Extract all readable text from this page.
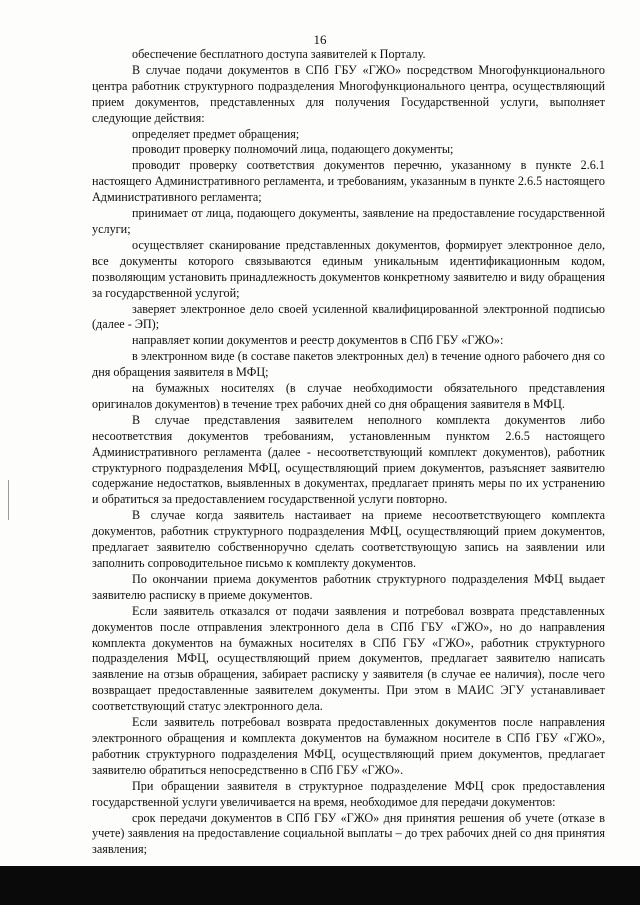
16

обеспечение бесплатного доступа заявителей к Порталу.

В случае подачи документов в СПб ГБУ «ГЖО» посредством Многофункционального центра работник структурного подразделения Многофункционального центра, осуществляющий прием документов, представленных для получения Государственной услуги, выполняет следующие действия:

определяет предмет обращения;

проводит проверку полномочий лица, подающего документы;

проводит проверку соответствия документов перечню, указанному в пункте 2.6.1 настоящего Административного регламента, и требованиям, указанным в пункте 2.6.5 настоящего Административного регламента;

принимает от лица, подающего документы, заявление на предоставление государственной услуги;

осуществляет сканирование представленных документов, формирует электронное дело, все документы которого связываются единым уникальным идентификационным кодом, позволяющим установить принадлежность документов конкретному заявителю и виду обращения за государственной услугой;

заверяет электронное дело своей усиленной квалифицированной электронной подписью (далее - ЭП);

направляет копии документов и реестр документов в СПб ГБУ «ГЖО»:

в электронном виде (в составе пакетов электронных дел) в течение одного рабочего дня со дня обращения заявителя в МФЦ;

на бумажных носителях (в случае необходимости обязательного представления оригиналов документов) в течение трех рабочих дней со дня обращения заявителя в МФЦ.

В случае представления заявителем неполного комплекта документов либо несоответствия документов требованиям, установленным пунктом 2.6.5 настоящего Административного регламента (далее - несоответствующий комплект документов), работник структурного подразделения МФЦ, осуществляющий прием документов, разъясняет заявителю содержание недостатков, выявленных в документах, предлагает принять меры по их устранению и обратиться за предоставлением государственной услуги повторно.

В случае когда заявитель настаивает на приеме несоответствующего комплекта документов, работник структурного подразделения МФЦ, осуществляющий прием документов, предлагает заявителю собственноручно сделать соответствующую запись на заявлении или заполнить сопроводительное письмо к комплекту документов.

По окончании приема документов работник структурного подразделения МФЦ выдает заявителю расписку в приеме документов.

Если заявитель отказался от подачи заявления и потребовал возврата представленных документов после отправления электронного дела в СПб ГБУ «ГЖО», но до направления комплекта документов на бумажных носителях в СПб ГБУ «ГЖО», работник структурного подразделения МФЦ, осуществляющий прием документов, предлагает заявителю написать заявление на отзыв обращения, забирает расписку у заявителя (в случае ее наличия), после чего возвращает предоставленные заявителем документы. При этом в МАИС ЭГУ устанавливает соответствующий статус электронного дела.

Если заявитель потребовал возврата предоставленных документов после направления электронного обращения и комплекта документов на бумажном носителе в СПб ГБУ «ГЖО», работник структурного подразделения МФЦ, осуществляющий прием документов, предлагает заявителю обратиться непосредственно в СПб ГБУ «ГЖО».

При обращении заявителя в структурное подразделение МФЦ срок предоставления государственной услуги увеличивается на время, необходимое для передачи документов:

срок передачи документов в СПб ГБУ «ГЖО» дня принятия решения об учете (отказе в учете) заявления на предоставление социальной выплаты – до трех рабочих дней со дня принятия заявления;
